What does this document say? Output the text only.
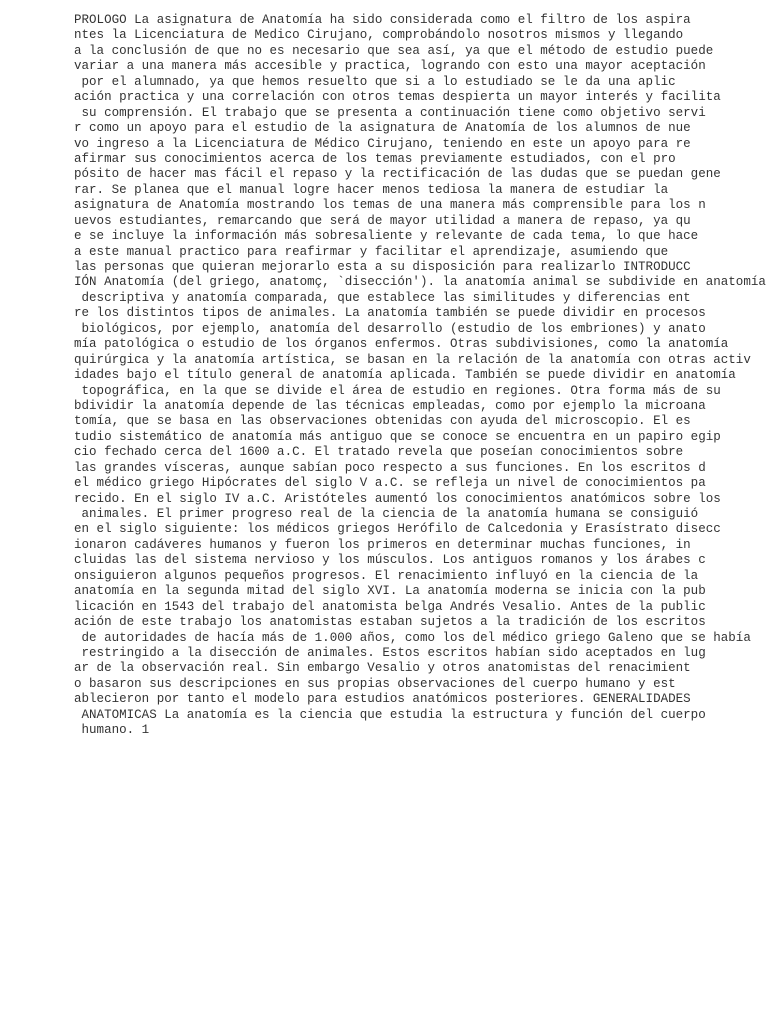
PROLOGO La asignatura de Anatomía ha sido considerada como el filtro de los aspira
ntes la Licenciatura de Medico Cirujano, comprobándolo nosotros mismos y llegando
a la conclusión de que no es necesario que sea así, ya que el método de estudio puede
variar a una manera más accesible y practica, logrando con esto una mayor aceptación
por el alumnado, ya que hemos resuelto que si a lo estudiado se le da una aplic
ación practica y una correlación con otros temas despierta un mayor interés y facilita
su comprensión. El trabajo que se presenta a continuación tiene como objetivo servi
r como un apoyo para el estudio de la asignatura de Anatomía de los alumnos de nue
vo ingreso a la Licenciatura de Médico Cirujano, teniendo en este un apoyo para re
afirmar sus conocimientos acerca de los temas previamente estudiados, con el pro
pósito de hacer mas fácil el repaso y la rectificación de las dudas que se puedan gene
rar. Se planea que el manual logre hacer menos tediosa la manera de estudiar la
asignatura de Anatomía mostrando los temas de una manera más comprensible para los n
uevos estudiantes, remarcando que será de mayor utilidad a manera de repaso, ya qu
e se incluye la información más sobresaliente y relevante de cada tema, lo que hace
a este manual practico para reafirmar y facilitar el aprendizaje, asumiendo que
las personas que quieran mejorarlo esta a su disposición para realizarlo INTRODUCC
IÓN Anatomía (del griego, anatomç, `disección'). la anatomía animal se subdivide en anatomía
descriptiva y anatomía comparada, que establece las similitudes y diferencias ent
re los distintos tipos de animales. La anatomía también se puede dividir en procesos
biológicos, por ejemplo, anatomía del desarrollo (estudio de los embriones) y anato
mía patológica o estudio de los órganos enfermos. Otras subdivisiones, como la anatomía
quirúrgica y la anatomía artística, se basan en la relación de la anatomía con otras activ
idades bajo el título general de anatomía aplicada. También se puede dividir en anatomía
topográfica, en la que se divide el área de estudio en regiones. Otra forma más de su
bdividir la anatomía depende de las técnicas empleadas, como por ejemplo la microana
tomía, que se basa en las observaciones obtenidas con ayuda del microscopio. El es
tudio sistemático de anatomía más antiguo que se conoce se encuentra en un papiro egip
cio fechado cerca del 1600 a.C. El tratado revela que poseían conocimientos sobre
las grandes vísceras, aunque sabían poco respecto a sus funciones. En los escritos d
el médico griego Hipócrates del siglo V a.C. se refleja un nivel de conocimientos pa
recido. En el siglo IV a.C. Aristóteles aumentó los conocimientos anatómicos sobre los
animales. El primer progreso real de la ciencia de la anatomía humana se consiguió
en el siglo siguiente: los médicos griegos Herófilo de Calcedonia y Erasístrato disecc
ionaron cadáveres humanos y fueron los primeros en determinar muchas funciones, in
cluidas las del sistema nervioso y los músculos. Los antiguos romanos y los árabes c
onsiguieron algunos pequeños progresos. El renacimiento influyó en la ciencia de la
anatomía en la segunda mitad del siglo XVI. La anatomía moderna se inicia con la pub
licación en 1543 del trabajo del anatomista belga Andrés Vesalio. Antes de la public
ación de este trabajo los anatomistas estaban sujetos a la tradición de los escritos
de autoridades de hacía más de 1.000 años, como los del médico griego Galeno que se había
restringido a la disección de animales. Estos escritos habían sido aceptados en lug
ar de la observación real. Sin embargo Vesalio y otros anatomistas del renacimient
o basaron sus descripciones en sus propias observaciones del cuerpo humano y est
ablecieron por tanto el modelo para estudios anatómicos posteriores. GENERALIDADES
ANATOMICAS La anatomía es la ciencia que estudia la estructura y función del cuerpo
humano. 1
